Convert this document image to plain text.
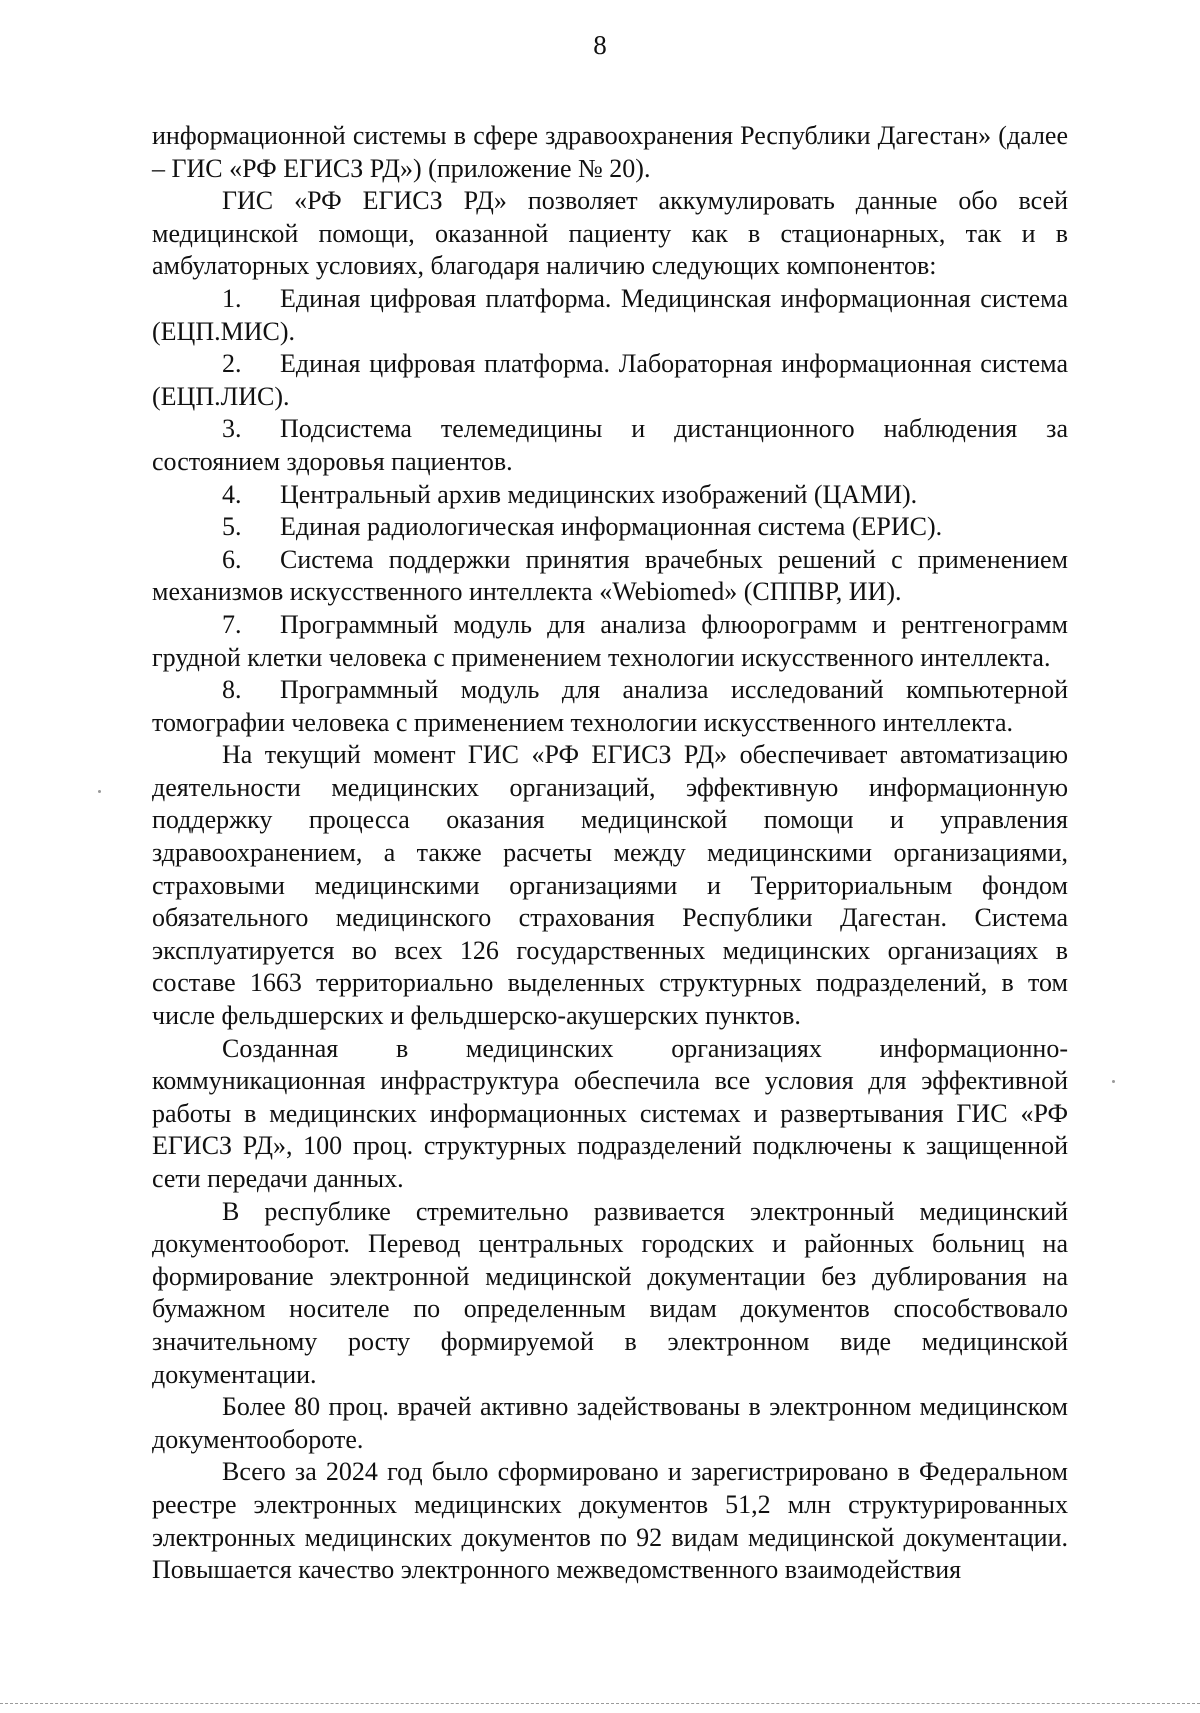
8

информационной системы в сфере здравоохранения Республики Дагестан» (далее – ГИС «РФ ЕГИСЗ РД») (приложение № 20).

ГИС «РФ ЕГИСЗ РД» позволяет аккумулировать данные обо всей медицинской помощи, оказанной пациенту как в стационарных, так и в амбулаторных условиях, благодаря наличию следующих компонентов:

1. Единая цифровая платформа. Медицинская информационная система (ЕЦП.МИС).

2. Единая цифровая платформа. Лабораторная информационная система (ЕЦП.ЛИС).

3. Подсистема телемедицины и дистанционного наблюдения за состоянием здоровья пациентов.

4. Центральный архив медицинских изображений (ЦАМИ).

5. Единая радиологическая информационная система (ЕРИС).

6. Система поддержки принятия врачебных решений с применением механизмов искусственного интеллекта «Webiomed» (СППВР, ИИ).

7. Программный модуль для анализа флюорограмм и рентгенограмм грудной клетки человека с применением технологии искусственного интеллекта.

8. Программный модуль для анализа исследований компьютерной томографии человека с применением технологии искусственного интеллекта.

На текущий момент ГИС «РФ ЕГИСЗ РД» обеспечивает автоматизацию деятельности медицинских организаций, эффективную информационную поддержку процесса оказания медицинской помощи и управления здравоохранением, а также расчеты между медицинскими организациями, страховыми медицинскими организациями и Территориальным фондом обязательного медицинского страхования Республики Дагестан. Система эксплуатируется во всех 126 государственных медицинских организациях в составе 1663 территориально выделенных структурных подразделений, в том числе фельдшерских и фельдшерско-акушерских пунктов.

Созданная в медицинских организациях информационно-коммуникационная инфраструктура обеспечила все условия для эффективной работы в медицинских информационных системах и развертывания ГИС «РФ ЕГИСЗ РД», 100 проц. структурных подразделений подключены к защищенной сети передачи данных.

В республике стремительно развивается электронный медицинский документооборот. Перевод центральных городских и районных больниц на формирование электронной медицинской документации без дублирования на бумажном носителе по определенным видам документов способствовало значительному росту формируемой в электронном виде медицинской документации.

Более 80 проц. врачей активно задействованы в электронном медицинском документообороте.

Всего за 2024 год было сформировано и зарегистрировано в Федеральном реестре электронных медицинских документов 51,2 млн структурированных электронных медицинских документов по 92 видам медицинской документации. Повышается качество электронного межведомственного взаимодействия
